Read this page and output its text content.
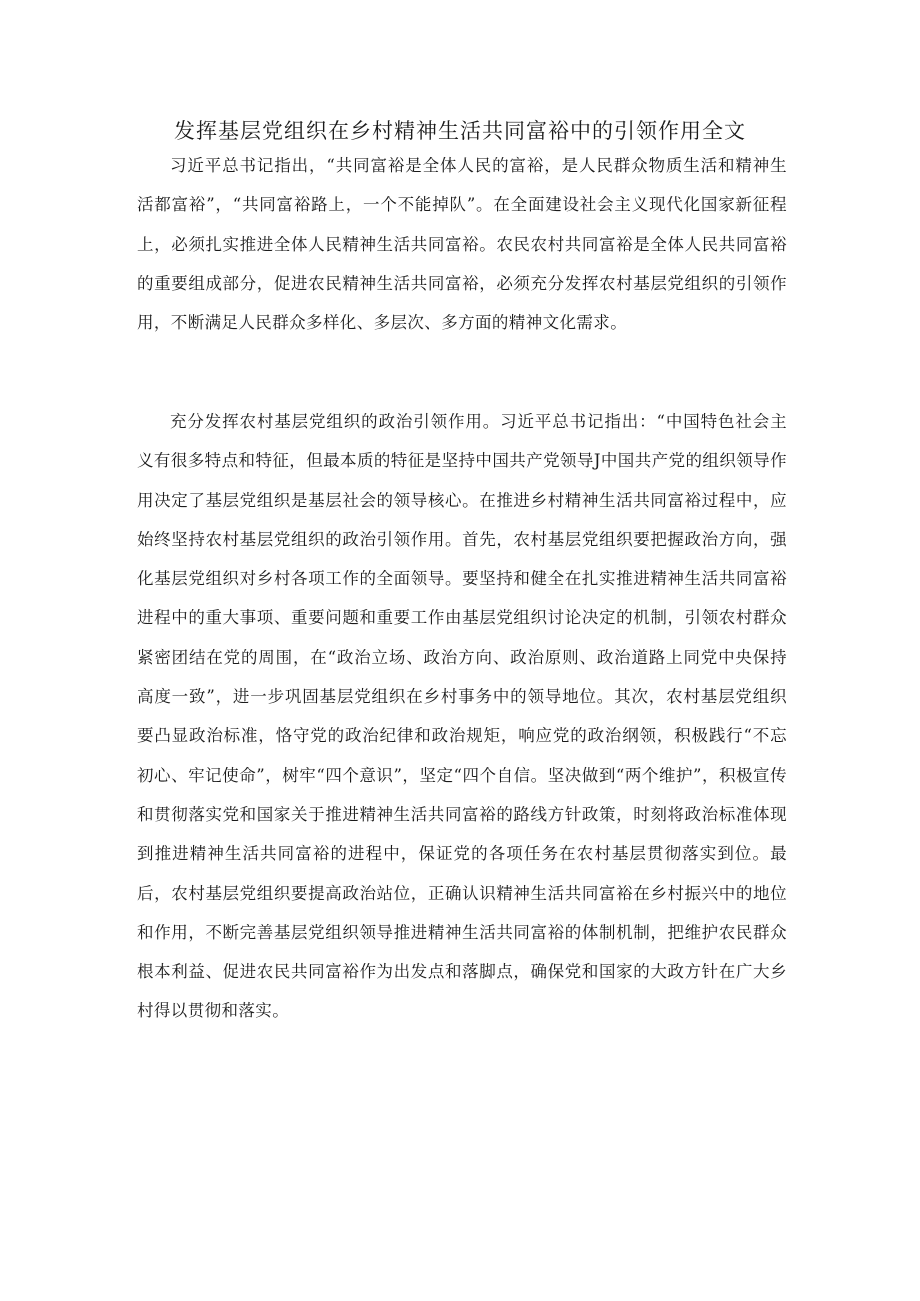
发挥基层党组织在乡村精神生活共同富裕中的引领作用全文

习近平总书记指出，“共同富裕是全体人民的富裕，是人民群众物质生活和精神生活都富裕”，“共同富裕路上，一个不能掉队”。在全面建设社会主义现代化国家新征程上，必须扎实推进全体人民精神生活共同富裕。农民农村共同富裕是全体人民共同富裕的重要组成部分，促进农民精神生活共同富裕，必须充分发挥农村基层党组织的引领作用，不断满足人民群众多样化、多层次、多方面的精神文化需求。

充分发挥农村基层党组织的政治引领作用。习近平总书记指出：“中国特色社会主义有很多特点和特征，但最本质的特征是坚持中国共产党领导J中国共产党的组织领导作用决定了基层党组织是基层社会的领导核心。在推进乡村精神生活共同富裕过程中，应始终坚持农村基层党组织的政治引领作用。首先，农村基层党组织要把握政治方向，强化基层党组织对乡村各项工作的全面领导。要坚持和健全在扎实推进精神生活共同富裕进程中的重大事项、重要问题和重要工作由基层党组织讨论决定的机制，引领农村群众紧密团结在党的周围，在“政治立场、政治方向、政治原则、政治道路上同党中央保持高度一致”，进一步巩固基层党组织在乡村事务中的领导地位。其次，农村基层党组织要凸显政治标准，恪守党的政治纪律和政治规矩，响应党的政治纲领，积极践行“不忘初心、牢记使命”，树牢“四个意识”，坚定“四个自信。坚决做到“两个维护”，积极宣传和贯彻落实党和国家关于推进精神生活共同富裕的路线方针政策，时刻将政治标准体现到推进精神生活共同富裕的进程中，保证党的各项任务在农村基层贯彻落实到位。最后，农村基层党组织要提高政治站位，正确认识精神生活共同富裕在乡村振兴中的地位和作用，不断完善基层党组织领导推进精神生活共同富裕的体制机制，把维护农民群众根本利益、促进农民共同富裕作为出发点和落脚点，确保党和国家的大政方针在广大乡村得以贯彻和落实。
